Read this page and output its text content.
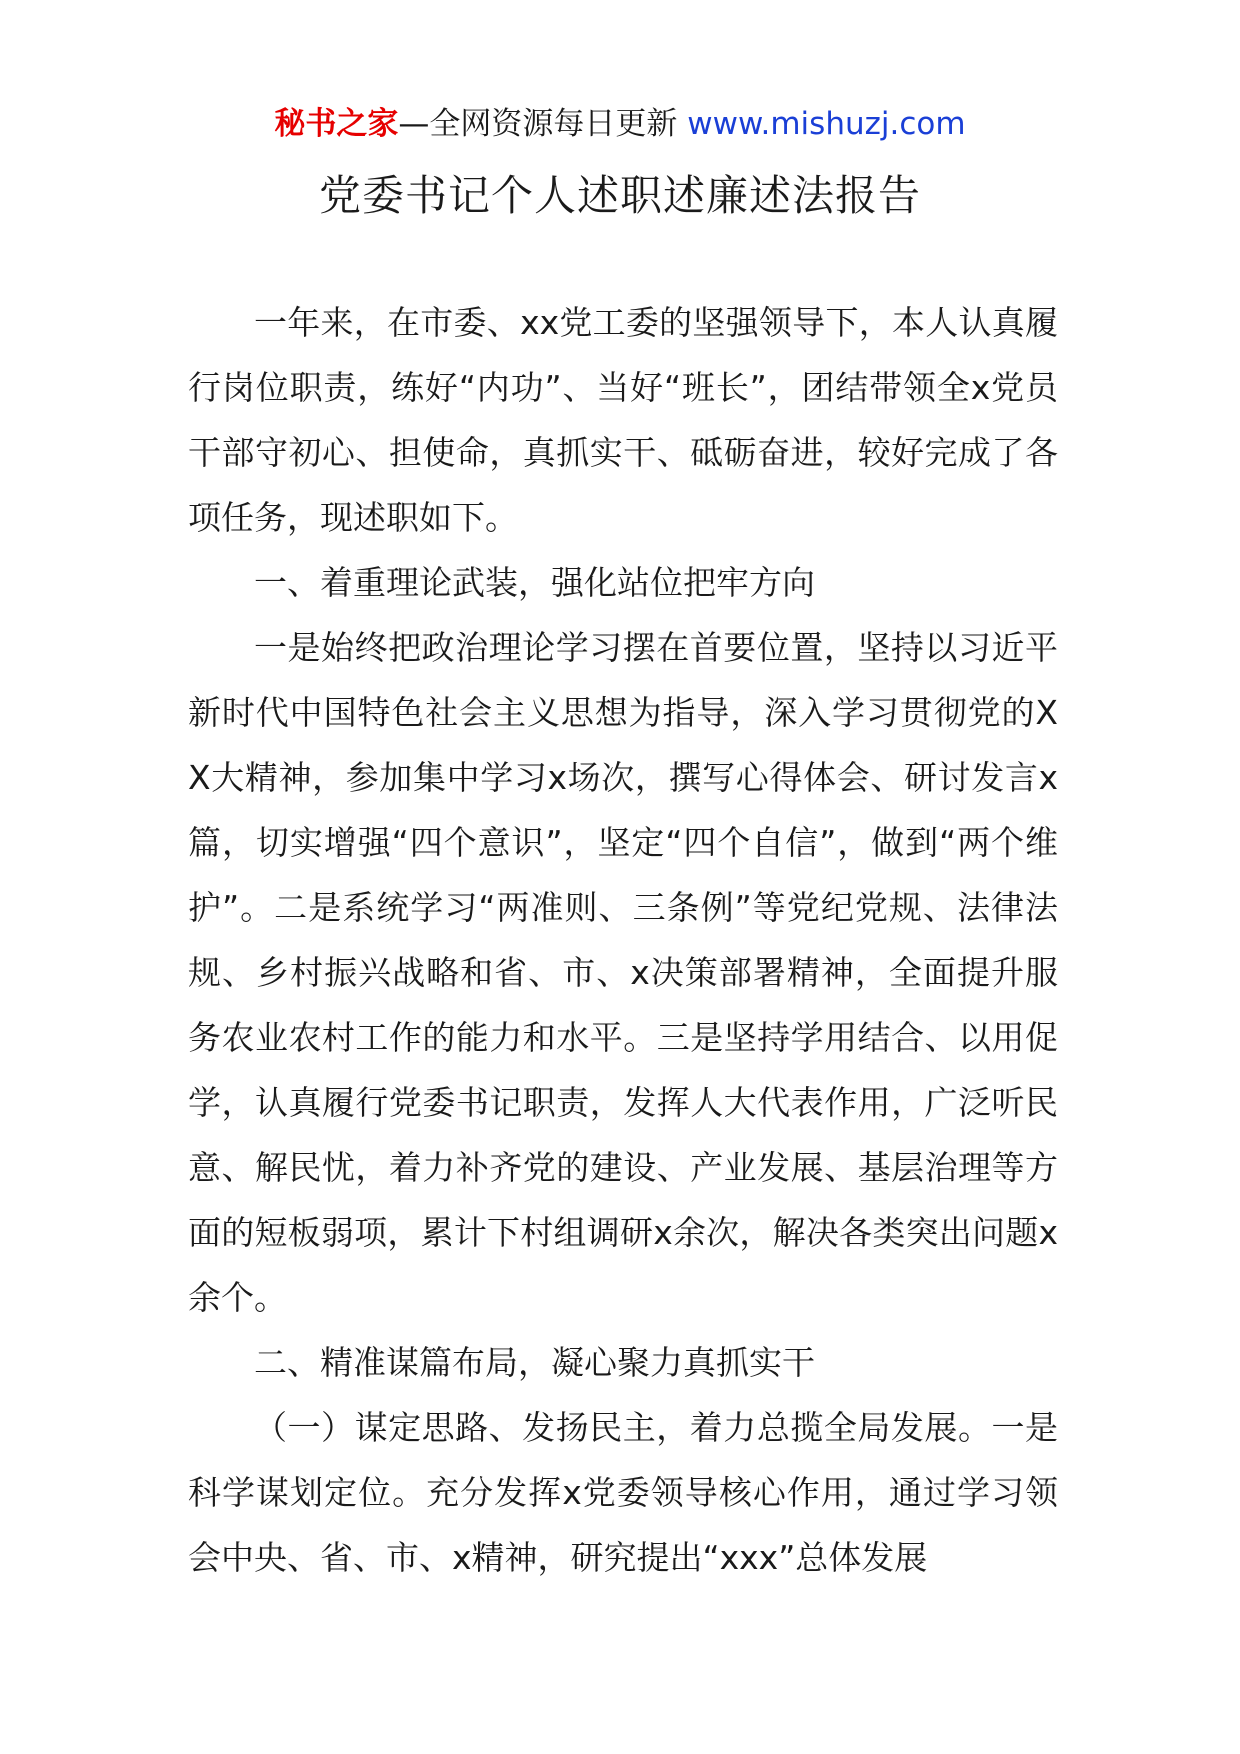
秘书之家—全网资源每日更新 www.mishuzj.com
党委书记个人述职述廉述法报告

一年来，在市委、xx党工委的坚强领导下，本人认真履行岗位职责，练好“内功”、当好“班长”，团结带领全x党员干部守初心、担使命，真抓实干、砥砺奋进，较好完成了各项任务，现述职如下。

一、着重理论武装，强化站位把牢方向

一是始终把政治理论学习摆在首要位置，坚持以习近平新时代中国特色社会主义思想为指导，深入学习贯彻党的XX大精神，参加集中学习x场次，撰写心得体会、研讨发言x篇，切实增强“四个意识”，坚定“四个自信”，做到“两个维护”。二是系统学习“两准则、三条例”等党纪党规、法律法规、乡村振兴战略和省、市、x决策部署精神，全面提升服务农业农村工作的能力和水平。三是坚持学用结合、以用促学，认真履行党委书记职责，发挥人大代表作用，广泛听民意、解民忧，着力补齐党的建设、产业发展、基层治理等方面的短板弱项，累计下村组调研x余次，解决各类突出问题x余个。

二、精准谋篇布局，凝心聚力真抓实干

（一）谋定思路、发扬民主，着力总揽全局发展。一是科学谋划定位。充分发挥x党委领导核心作用，通过学习领会中央、省、市、x精神，研究提出“xxx”总体发展
